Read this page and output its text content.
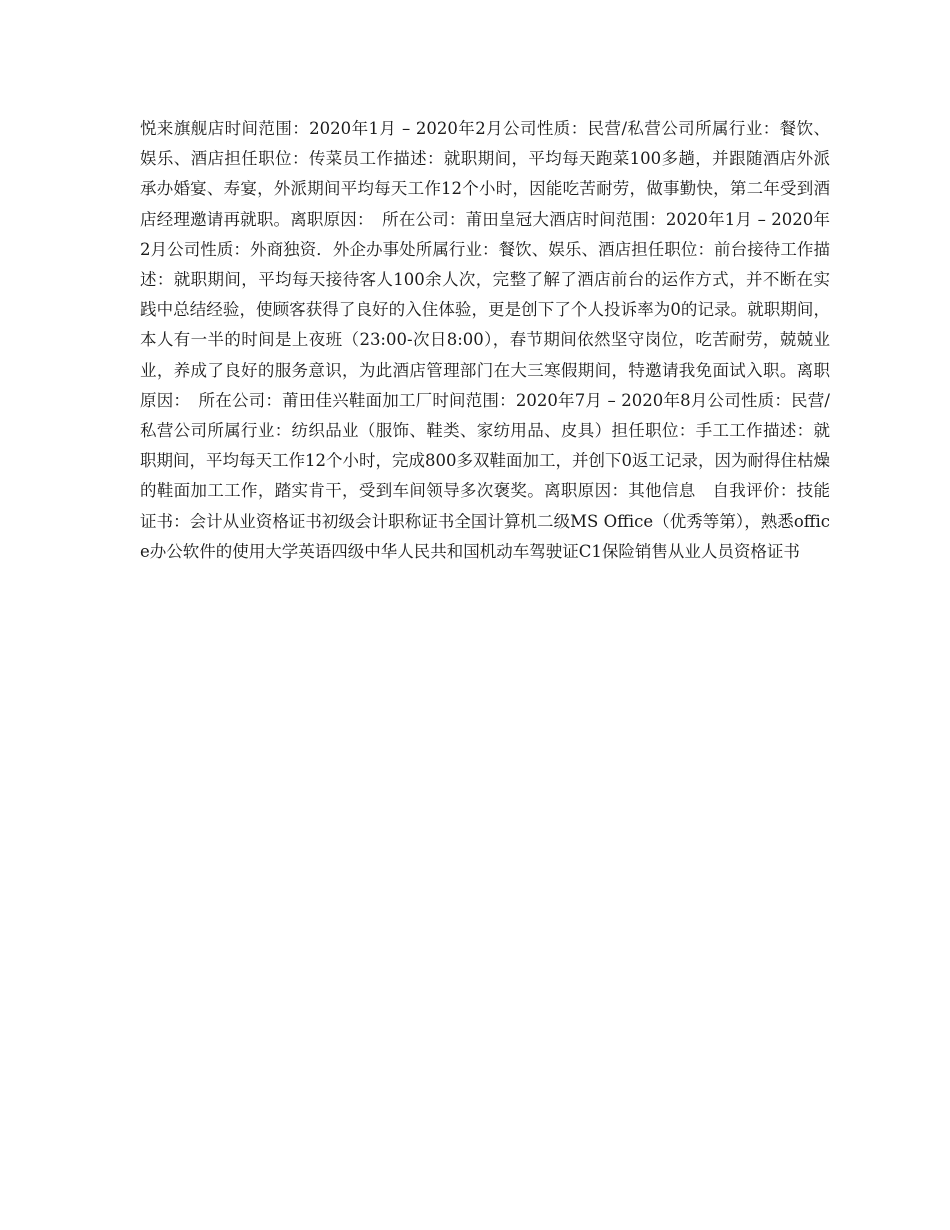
悦来旗舰店时间范围：2020年1月 – 2020年2月公司性质：民营/私营公司所属行业：餐饮、娱乐、酒店担任职位：传菜员工作描述：就职期间，平均每天跑菜100多趟，并跟随酒店外派承办婚宴、寿宴，外派期间平均每天工作12个小时，因能吃苦耐劳，做事勤快，第二年受到酒店经理邀请再就职。离职原因：　所在公司：莆田皇冠大酒店时间范围：2020年1月 – 2020年2月公司性质：外商独资．外企办事处所属行业：餐饮、娱乐、酒店担任职位：前台接待工作描述：就职期间，平均每天接待客人100余人次，完整了解了酒店前台的运作方式，并不断在实践中总结经验，使顾客获得了良好的入住体验，更是创下了个人投诉率为0的记录。就职期间，本人有一半的时间是上夜班（23:00-次日8:00），春节期间依然坚守岗位，吃苦耐劳，兢兢业业，养成了良好的服务意识，为此酒店管理部门在大三寒假期间，特邀请我免面试入职。离职原因：　所在公司：莆田佳兴鞋面加工厂时间范围：2020年7月 – 2020年8月公司性质：民营/私营公司所属行业：纺织品业（服饰、鞋类、家纺用品、皮具）担任职位：手工工作描述：就职期间，平均每天工作12个小时，完成800多双鞋面加工，并创下0返工记录，因为耐得住枯燥的鞋面加工工作，踏实肯干，受到车间领导多次褒奖。离职原因：其他信息　自我评价：技能证书：会计从业资格证书初级会计职称证书全国计算机二级MS Office（优秀等第），熟悉office办公软件的使用大学英语四级中华人民共和国机动车驾驶证C1保险销售从业人员资格证书
